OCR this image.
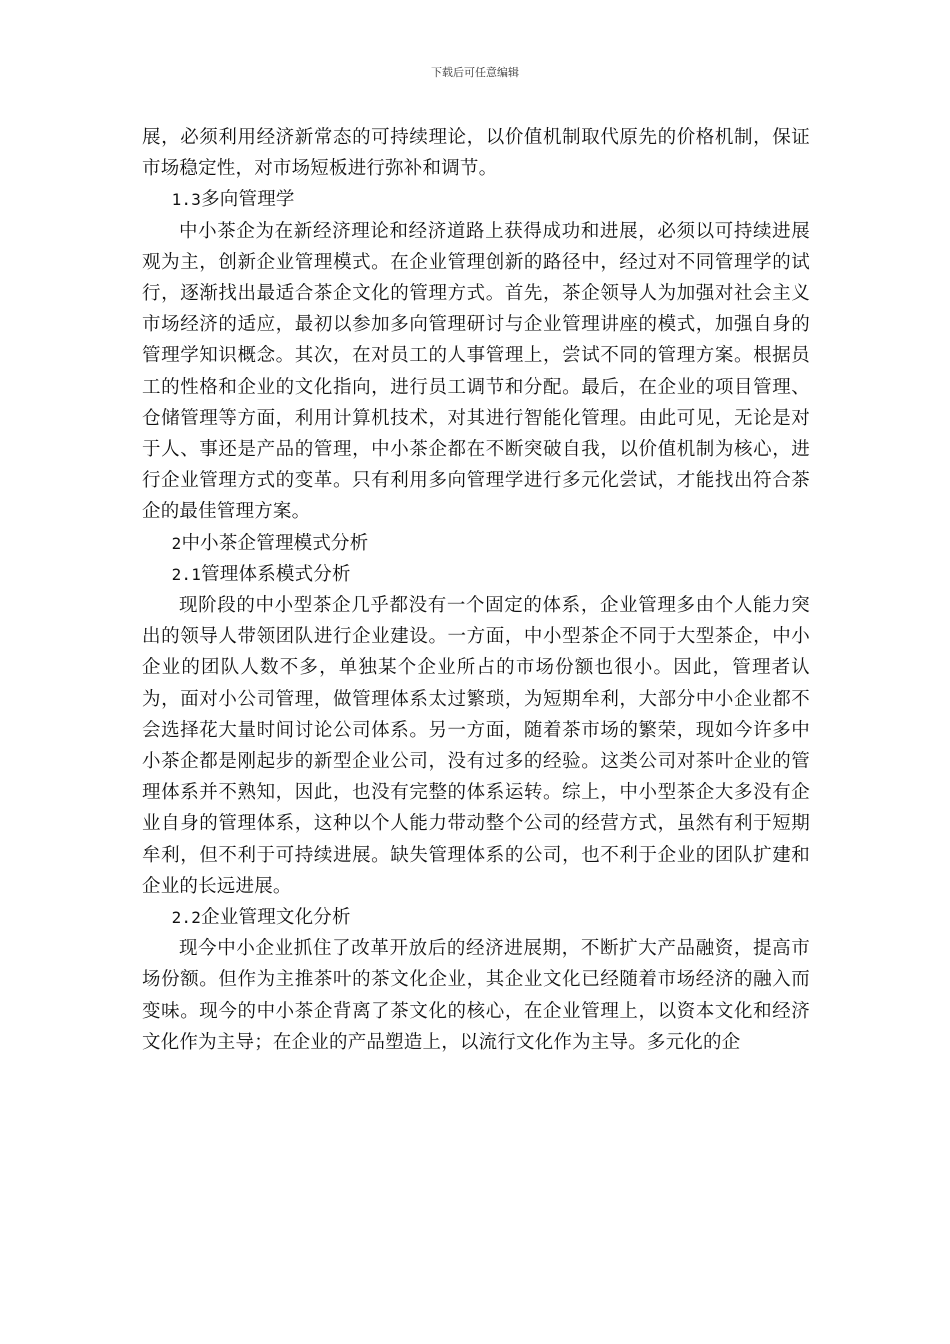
下载后可任意编辑

展，必须利用经济新常态的可持续理论，以价值机制取代原先的价格机制，保证市场稳定性，对市场短板进行弥补和调节。

1.3多向管理学

中小茶企为在新经济理论和经济道路上获得成功和进展，必须以可持续进展观为主，创新企业管理模式。在企业管理创新的路径中，经过对不同管理学的试行，逐渐找出最适合茶企文化的管理方式。首先，茶企领导人为加强对社会主义市场经济的适应，最初以参加多向管理研讨与企业管理讲座的模式，加强自身的管理学知识概念。其次，在对员工的人事管理上，尝试不同的管理方案。根据员工的性格和企业的文化指向，进行员工调节和分配。最后，在企业的项目管理、仓储管理等方面，利用计算机技术，对其进行智能化管理。由此可见，无论是对于人、事还是产品的管理，中小茶企都在不断突破自我，以价值机制为核心，进行企业管理方式的变革。只有利用多向管理学进行多元化尝试，才能找出符合茶企的最佳管理方案。

2中小茶企管理模式分析

2.1管理体系模式分析

现阶段的中小型茶企几乎都没有一个固定的体系，企业管理多由个人能力突出的领导人带领团队进行企业建设。一方面，中小型茶企不同于大型茶企，中小企业的团队人数不多，单独某个企业所占的市场份额也很小。因此，管理者认为，面对小公司管理，做管理体系太过繁琐，为短期牟利，大部分中小企业都不会选择花大量时间讨论公司体系。另一方面，随着茶市场的繁荣，现如今许多中小茶企都是刚起步的新型企业公司，没有过多的经验。这类公司对茶叶企业的管理体系并不熟知，因此，也没有完整的体系运转。综上，中小型茶企大多没有企业自身的管理体系，这种以个人能力带动整个公司的经营方式，虽然有利于短期牟利，但不利于可持续进展。缺失管理体系的公司，也不利于企业的团队扩建和企业的长远进展。

2.2企业管理文化分析

现今中小企业抓住了改革开放后的经济进展期，不断扩大产品融资，提高市场份额。但作为主推茶叶的茶文化企业，其企业文化已经随着市场经济的融入而变味。现今的中小茶企背离了茶文化的核心，在企业管理上，以资本文化和经济文化作为主导；在企业的产品塑造上，以流行文化作为主导。多元化的企
